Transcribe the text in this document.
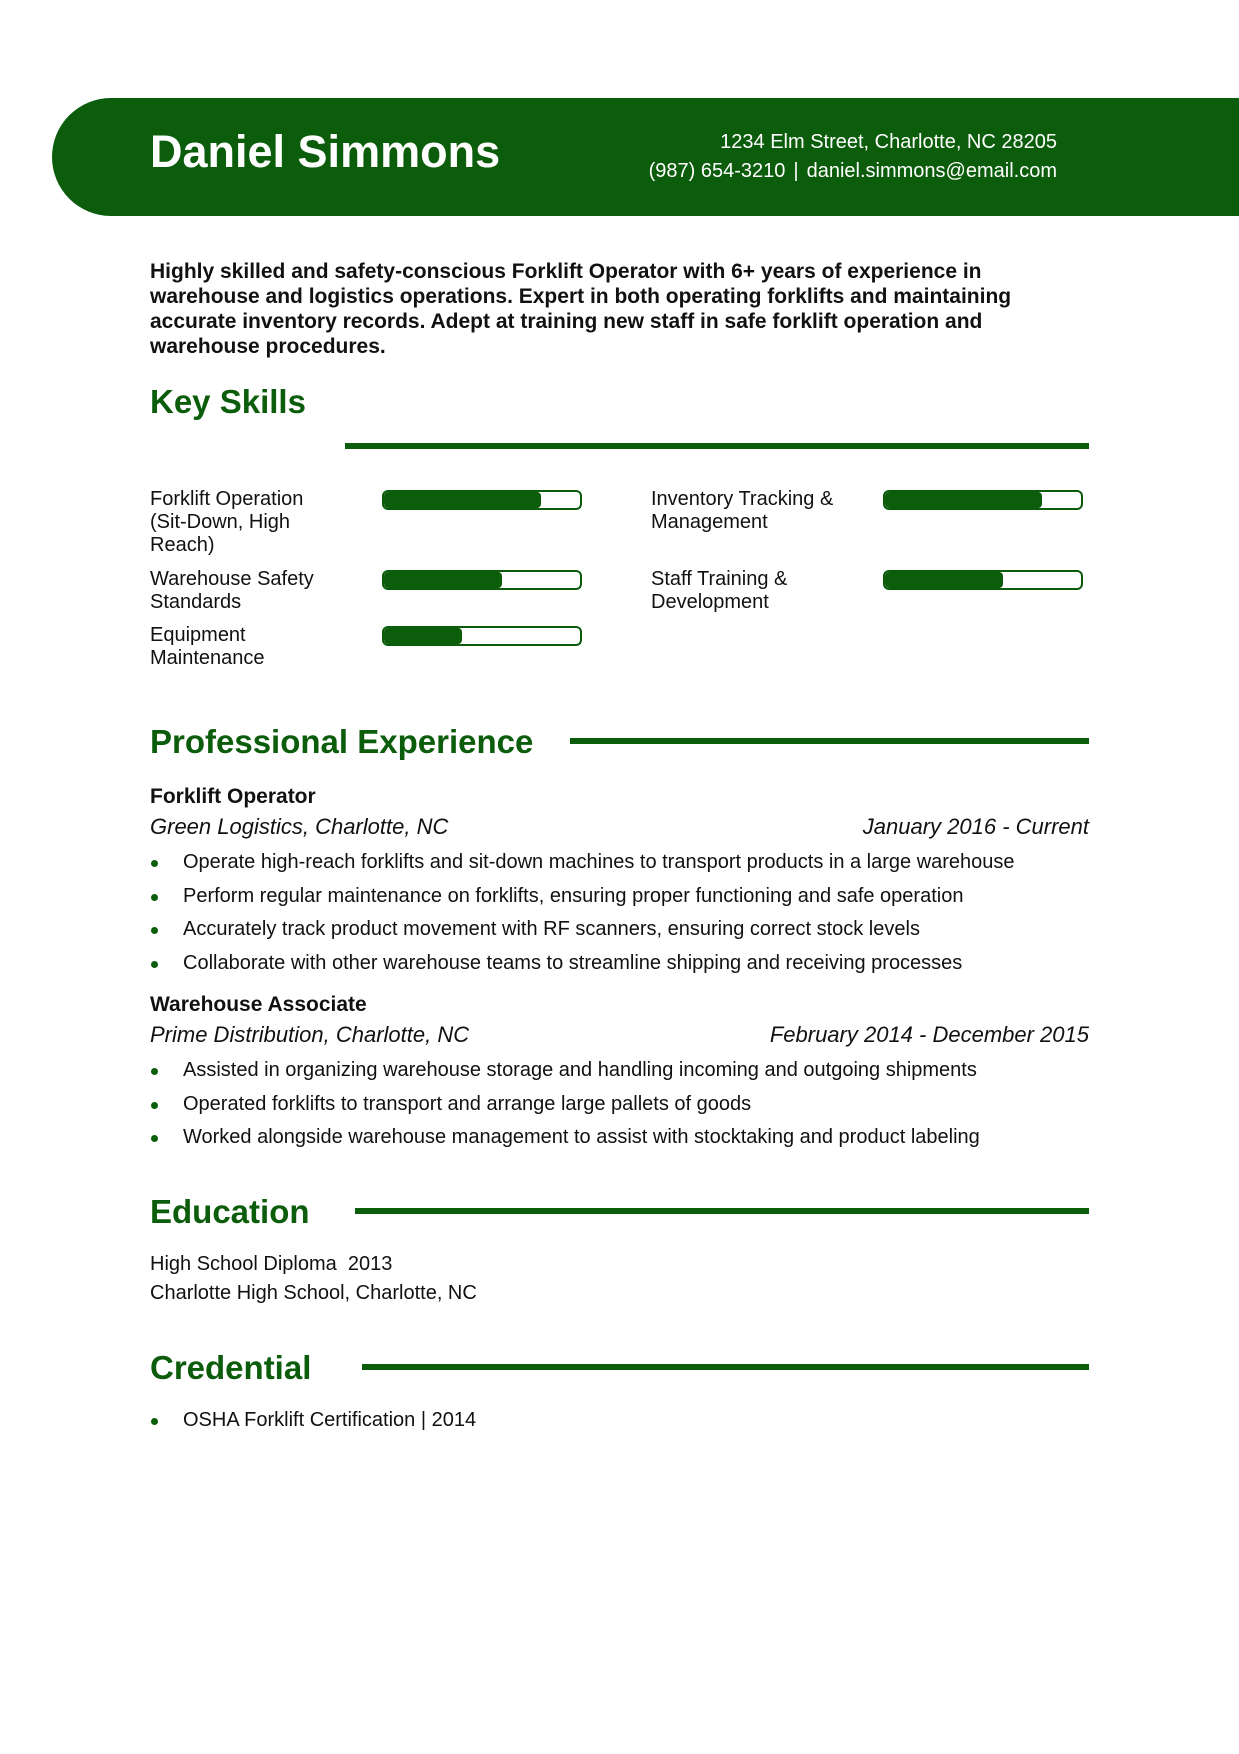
Daniel Simmons	1234 Elm Street, Charlotte, NC 28205
(987) 654-3210 | daniel.simmons@email.com

Highly skilled and safety-conscious Forklift Operator with 6+ years of experience in warehouse and logistics operations. Expert in both operating forklifts and maintaining accurate inventory records. Adept at training new staff in safe forklift operation and warehouse procedures.

Key Skills
Forklift Operation (Sit-Down, High Reach)
Inventory Tracking & Management
Warehouse Safety Standards
Staff Training & Development
Equipment Maintenance
Professional Experience
Forklift Operator
Green Logistics, Charlotte, NC	January 2016 - Current
Operate high-reach forklifts and sit-down machines to transport products in a large warehouse
Perform regular maintenance on forklifts, ensuring proper functioning and safe operation
Accurately track product movement with RF scanners, ensuring correct stock levels
Collaborate with other warehouse teams to streamline shipping and receiving processes
Warehouse Associate
Prime Distribution, Charlotte, NC	February 2014 - December 2015
Assisted in organizing warehouse storage and handling incoming and outgoing shipments
Operated forklifts to transport and arrange large pallets of goods
Worked alongside warehouse management to assist with stocktaking and product labeling
Education
High School Diploma 2013
Charlotte High School, Charlotte, NC
Credential
OSHA Forklift Certification | 2014
